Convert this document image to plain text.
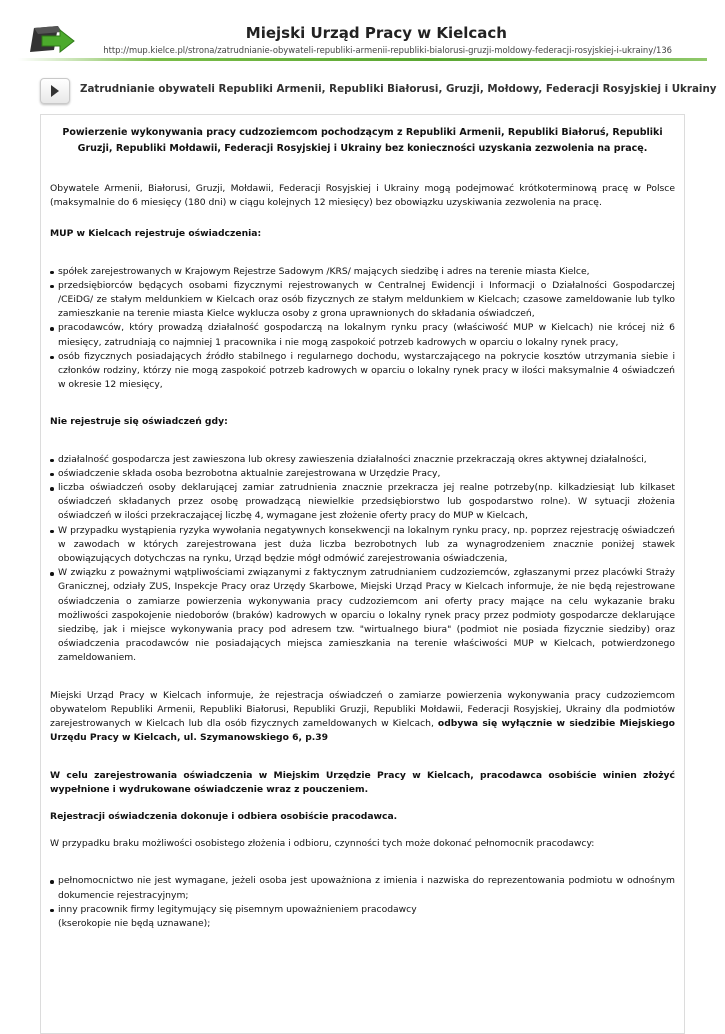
Miejski Urząd Pracy w Kielcach
http://mup.kielce.pl/strona/zatrudnianie-obywateli-republiki-armenii-republiki-bialorusi-gruzji-moldowy-federacji-rosyjskiej-i-ukrainy/136
Zatrudnianie obywateli Republiki Armenii, Republiki Białorusi, Gruzji, Mołdowy, Federacji Rosyjskiej i Ukrainy
Powierzenie wykonywania pracy cudzoziemcom pochodzącym z Republiki Armenii, Republiki Białoruś, Republiki Gruzji, Republiki Mołdawii, Federacji Rosyjskiej i Ukrainy bez konieczności uzyskania zezwolenia na pracę.

Obywatele Armenii, Białorusi, Gruzji, Mołdawii, Federacji Rosyjskiej i Ukrainy mogą podejmować krótkoterminową pracę w Polsce (maksymalnie do 6 miesięcy (180 dni) w ciągu kolejnych 12 miesięcy) bez obowiązku uzyskiwania zezwolenia na pracę.

MUP w Kielcach rejestruje oświadczenia:

spółek zarejestrowanych w Krajowym Rejestrze Sadowym /KRS/ mających siedzibę i adres na terenie miasta Kielce,
przedsiębiorców będących osobami fizycznymi rejestrowanych w Centralnej Ewidencji i Informacji o Działalności Gospodarczej /CEiDG/ ze stałym meldunkiem w Kielcach oraz osób fizycznych ze stałym meldunkiem w Kielcach; czasowe zameldowanie lub tylko zamieszkanie na terenie miasta Kielce wyklucza osoby z grona uprawnionych do składania oświadczeń,
pracodawców, który prowadzą działalność gospodarczą na lokalnym rynku pracy (właściwość MUP w Kielcach) nie krócej niż 6 miesięcy, zatrudniają co najmniej 1 pracownika i nie mogą zaspokoić potrzeb kadrowych w oparciu o lokalny rynek pracy,
osób fizycznych posiadających źródło stabilnego i regularnego dochodu, wystarczającego na pokrycie kosztów utrzymania siebie i członków rodziny, którzy nie mogą zaspokoić potrzeb kadrowych w oparciu o lokalny rynek pracy w ilości maksymalnie 4 oświadczeń w okresie 12 miesięcy,

Nie rejestruje się oświadczeń gdy:

działalność gospodarcza jest zawieszona lub okresy zawieszenia działalności znacznie przekraczają okres aktywnej działalności,
oświadczenie składa osoba bezrobotna aktualnie zarejestrowana w Urzędzie Pracy,
liczba oświadczeń osoby deklarującej zamiar zatrudnienia znacznie przekracza jej realne potrzeby(np. kilkadziesiąt lub kilkaset oświadczeń składanych przez osobę prowadzącą niewielkie przedsiębiorstwo lub gospodarstwo rolne). W sytuacji złożenia oświadczeń w ilości przekraczającej liczbę 4, wymagane jest złożenie oferty pracy do MUP w Kielcach,
W przypadku wystąpienia ryzyka wywołania negatywnych konsekwencji na lokalnym rynku pracy, np. poprzez rejestrację oświadczeń w zawodach w których zarejestrowana jest duża liczba bezrobotnych lub za wynagrodzeniem znacznie poniżej stawek obowiązujących dotychczas na rynku, Urząd będzie mógł odmówić zarejestrowania oświadczenia,
W związku z poważnymi wątpliwościami związanymi z faktycznym zatrudnianiem cudzoziemców, zgłaszanymi przez placówki Straży Granicznej, odziały ZUS, Inspekcje Pracy oraz Urzędy Skarbowe, Miejski Urząd Pracy w Kielcach informuje, że nie będą rejestrowane oświadczenia o zamiarze powierzenia wykonywania pracy cudzoziemcom ani oferty pracy mające na celu wykazanie braku możliwości zaspokojenie niedoborów (braków) kadrowych w oparciu o lokalny rynek pracy przez podmioty gospodarcze deklarujące siedzibę, jak i miejsce wykonywania pracy pod adresem tzw. "wirtualnego biura" (podmiot nie posiada fizycznie siedziby) oraz oświadczenia pracodawców nie posiadających miejsca zamieszkania na terenie właściwości MUP w Kielcach, potwierdzonego zameldowaniem.

Miejski Urząd Pracy w Kielcach informuje, że rejestracja oświadczeń o zamiarze powierzenia wykonywania pracy cudzoziemcom obywatelom Republiki Armenii, Republiki Białorusi, Republiki Gruzji, Republiki Mołdawii, Federacji Rosyjskiej, Ukrainy dla podmiotów zarejestrowanych w Kielcach lub dla osób fizycznych zameldowanych w Kielcach, odbywa się wyłącznie w siedzibie Miejskiego Urzędu Pracy w Kielcach, ul. Szymanowskiego 6, p.39

W celu zarejestrowania oświadczenia w Miejskim Urzędzie Pracy w Kielcach, pracodawca osobiście winien złożyć wypełnione i wydrukowane oświadczenie wraz z pouczeniem.

Rejestracji oświadczenia dokonuje i odbiera osobiście pracodawca.

W przypadku braku możliwości osobistego złożenia i odbioru, czynności tych może dokonać pełnomocnik pracodawcy:

pełnomocnictwo nie jest wymagane, jeżeli osoba jest upoważniona z imienia i nazwiska do reprezentowania podmiotu w odnośnym dokumencie rejestracyjnym;
inny pracownik firmy legitymujący się pisemnym upoważnieniem pracodawcy

(kserokopie nie będą uznawane);
